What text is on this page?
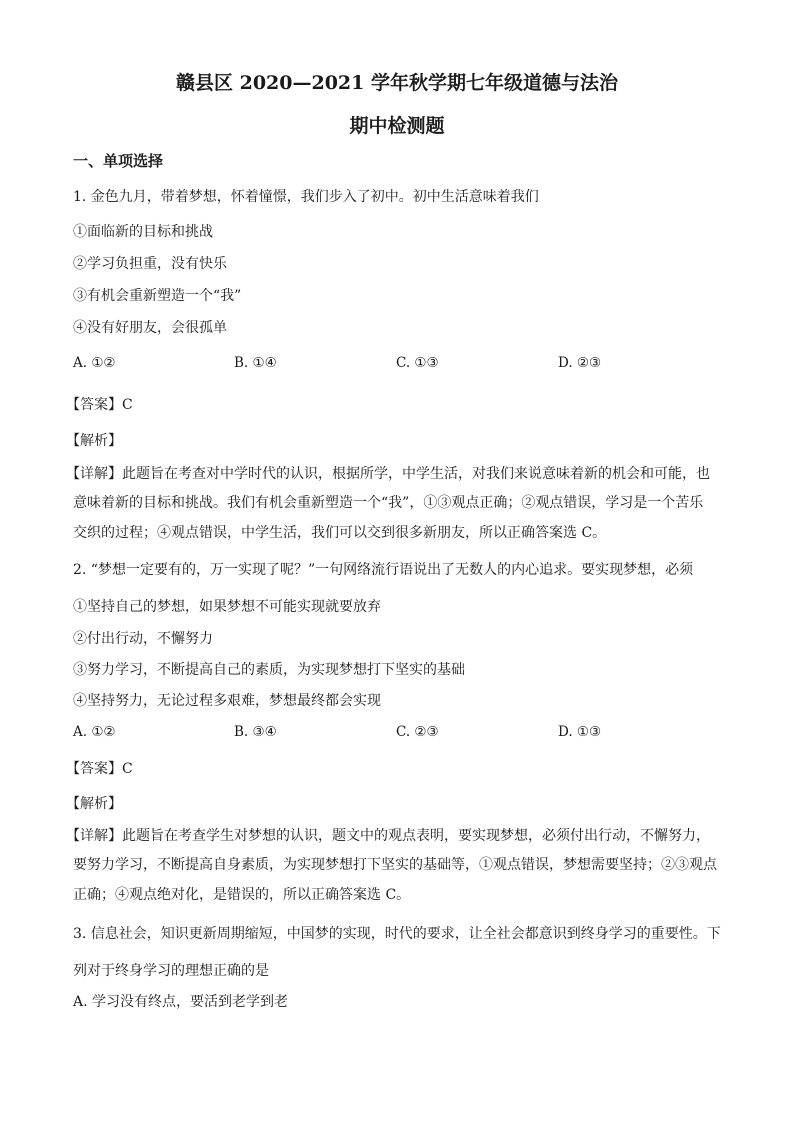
赣县区 2020—2021 学年秋学期七年级道德与法治
期中检测题
一、单项选择
1. 金色九月，带着梦想，怀着憧憬，我们步入了初中。初中生活意味着我们
①面临新的目标和挑战
②学习负担重，没有快乐
③有机会重新塑造一个“我”
④没有好朋友，会很孤单
A. ①②	B. ①④	C. ①③	D. ②③
【答案】C
【解析】
【详解】此题旨在考查对中学时代的认识，根据所学，中学生活，对我们来说意味着新的机会和可能，也
意味着新的目标和挑战。我们有机会重新塑造一个“我”，①③观点正确；②观点错误，学习是一个苦乐
交织的过程；④观点错误，中学生活，我们可以交到很多新朋友，所以正确答案选 C。
2. “梦想一定要有的，万一实现了呢？”一句网络流行语说出了无数人的内心追求。要实现梦想，必须
①坚持自己的梦想，如果梦想不可能实现就要放弃
②付出行动，不懈努力
③努力学习，不断提高自己的素质，为实现梦想打下坚实的基础
④坚持努力，无论过程多艰难，梦想最终都会实现
A. ①②	B. ③④	C. ②③	D. ①③
【答案】C
【解析】
【详解】此题旨在考查学生对梦想的认识，题文中的观点表明，要实现梦想，必须付出行动，不懈努力，
要努力学习，不断提高自身素质，为实现梦想打下坚实的基础等，①观点错误，梦想需要坚持；②③观点
正确；④观点绝对化，是错误的，所以正确答案选 C。
3. 信息社会，知识更新周期缩短，中国梦的实现，时代的要求，让全社会都意识到终身学习的重要性。下
列对于终身学习的理想正确的是
A. 学习没有终点，要活到老学到老
